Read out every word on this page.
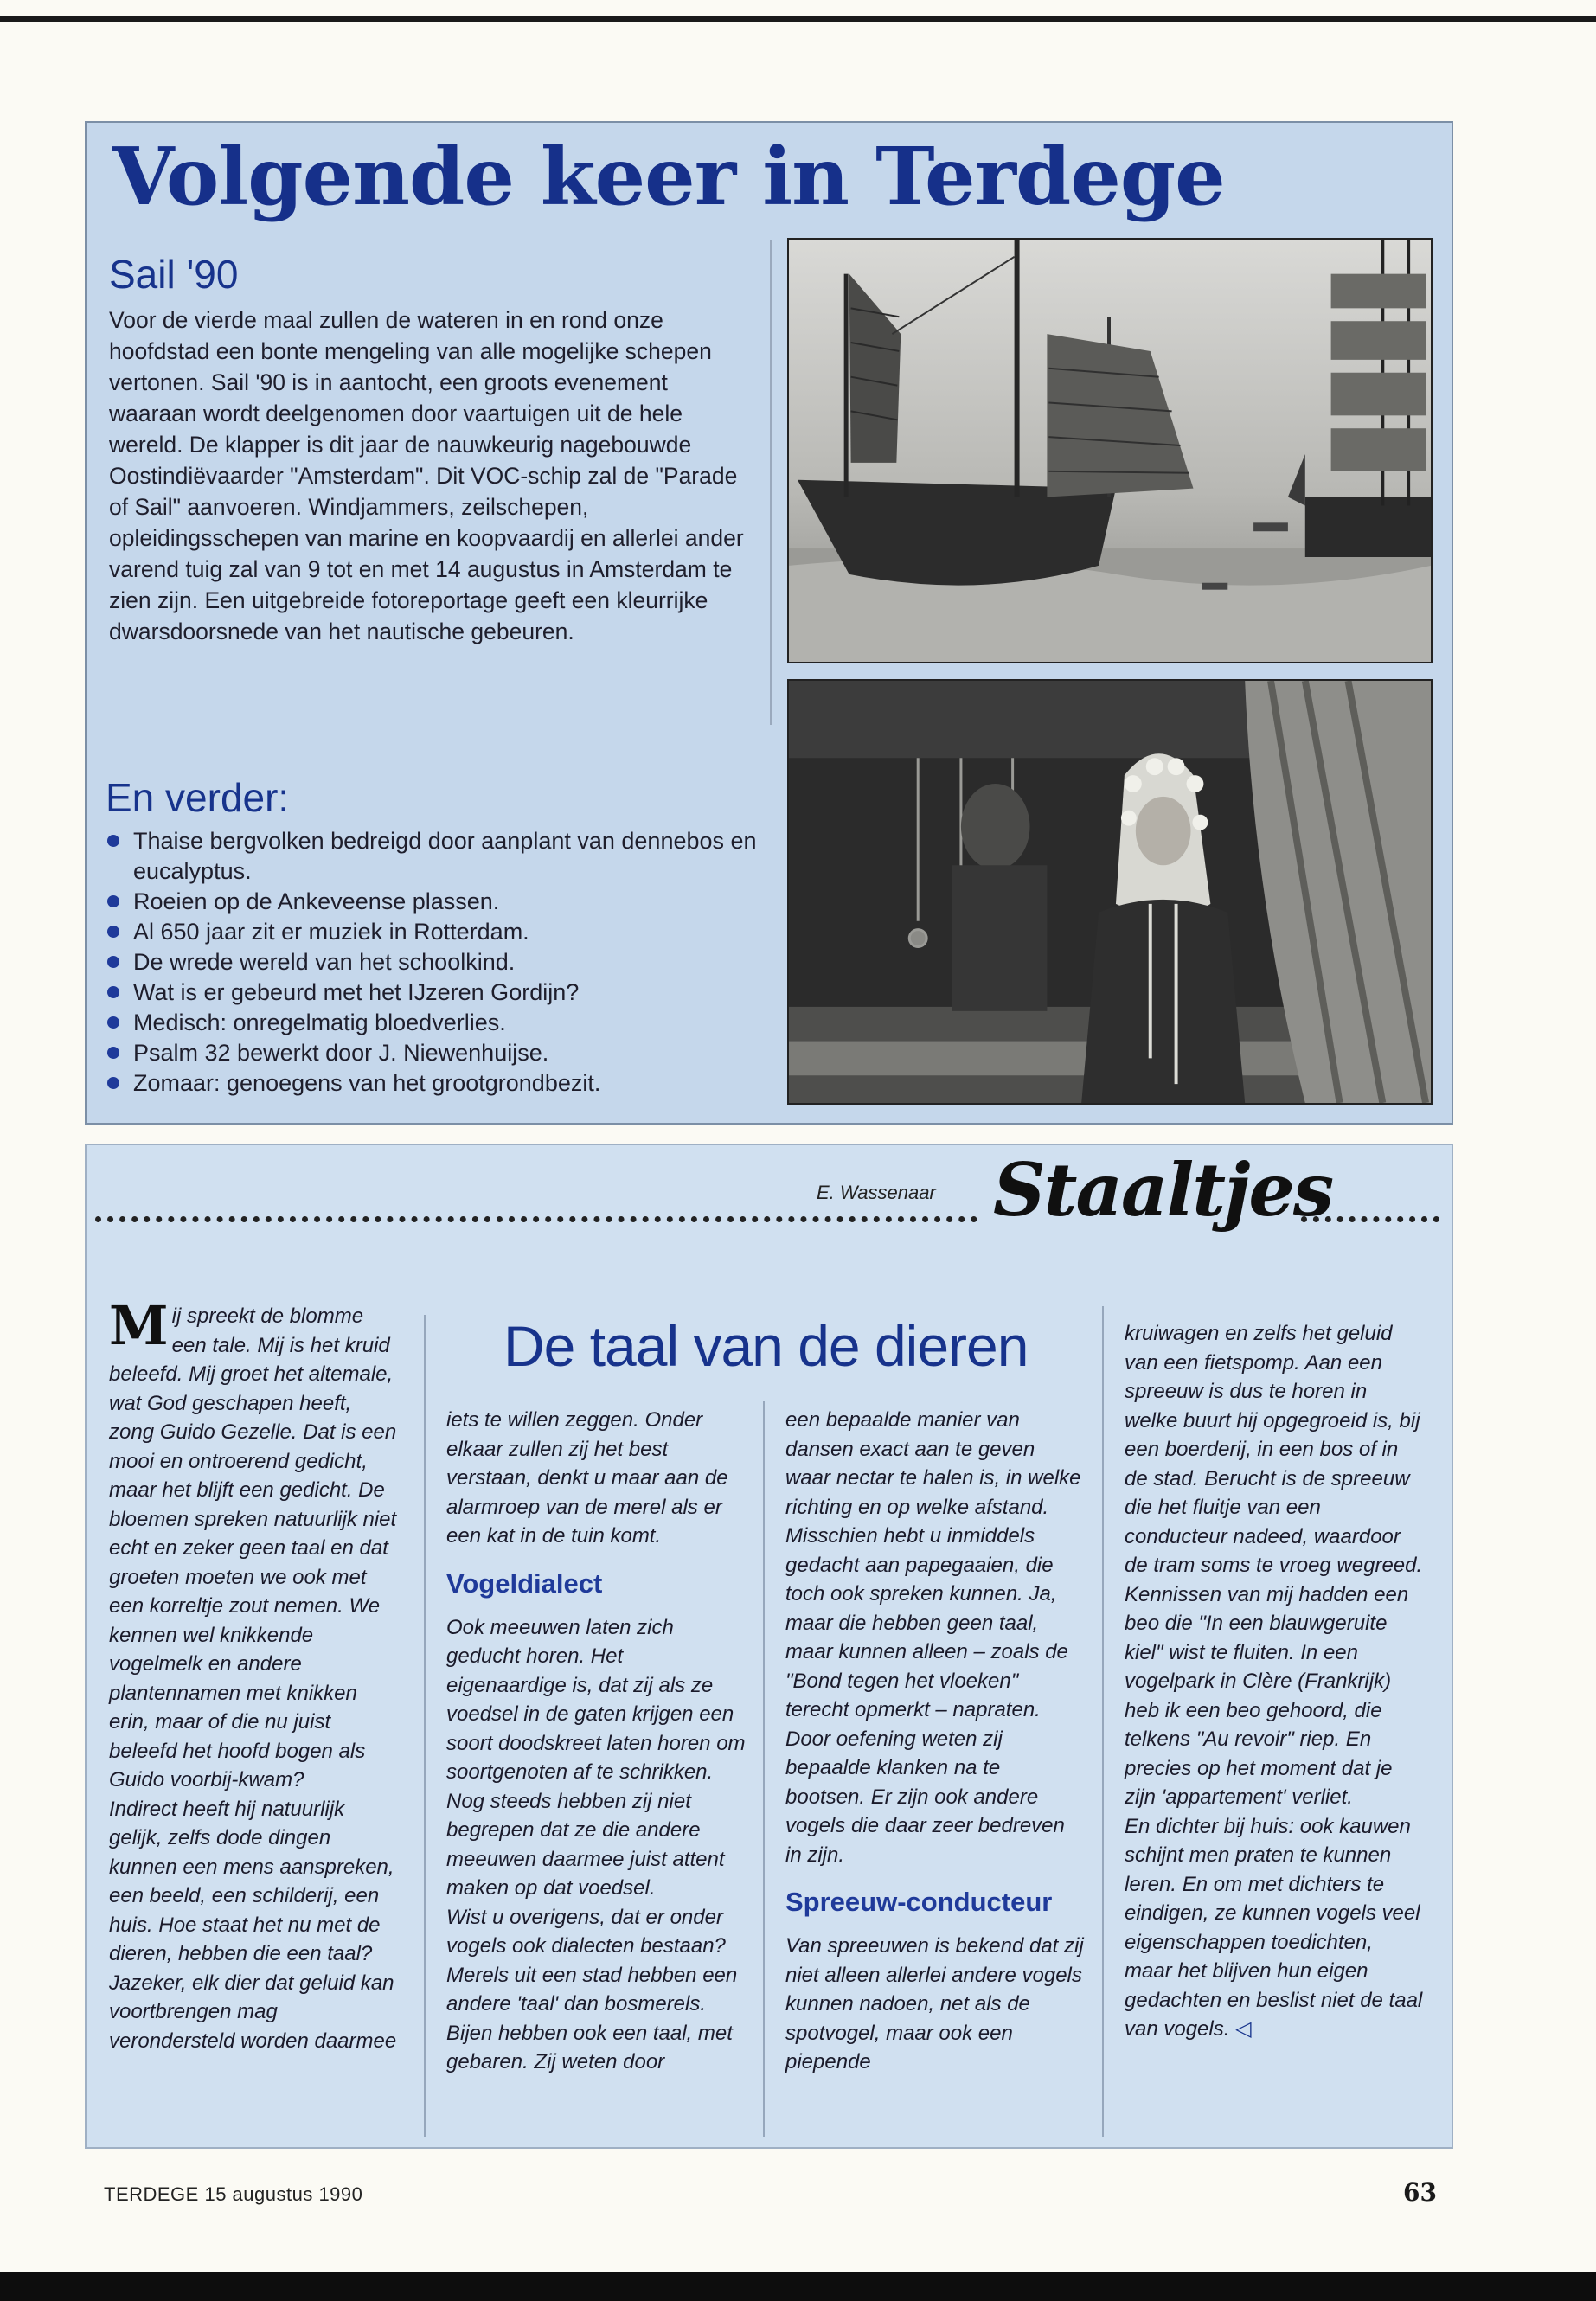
Volgende keer in Terdege
Sail '90

Voor de vierde maal zullen de wateren in en rond onze hoofdstad een bonte mengeling van alle mogelijke schepen vertonen. Sail '90 is in aantocht, een groots evenement waaraan wordt deelgenomen door vaartuigen uit de hele wereld. De klapper is dit jaar de nauwkeurig nagebouwde Oostindiëvaarder "Amsterdam". Dit VOC-schip zal de "Parade of Sail" aanvoeren. Windjammers, zeilschepen, opleidingsschepen van marine en koopvaardij en allerlei ander varend tuig zal van 9 tot en met 14 augustus in Amsterdam te zien zijn. Een uitgebreide fotoreportage geeft een kleurrijke dwarsdoorsnede van het nautische gebeuren.

En verder:
Thaise bergvolken bedreigd door aanplant van dennebos en eucalyptus.
Roeien op de Ankeveense plassen.
Al 650 jaar zit er muziek in Rotterdam.
De wrede wereld van het schoolkind.
Wat is er gebeurd met het IJzeren Gordijn?
Medisch: onregelmatig bloedverlies.
Psalm 32 bewerkt door J. Niewenhuijse.
Zomaar: genoegens van het grootgrondbezit.
E. Wassenaar Staaltjes
De taal van de dieren

Mij spreekt de blomme een tale. Mij is het kruid beleefd. Mij groet het altemale, wat God geschapen heeft, zong Guido Gezelle. Dat is een mooi en ontroerend gedicht, maar het blijft een gedicht. De bloemen spreken natuurlijk niet echt en zeker geen taal en dat groeten moeten we ook met een korreltje zout nemen. We kennen wel knikkende vogelmelk en andere plantennamen met knikken erin, maar of die nu juist beleefd het hoofd bogen als Guido voorbij-kwam?

Indirect heeft hij natuurlijk gelijk, zelfs dode dingen kunnen een mens aanspreken, een beeld, een schilderij, een huis. Hoe staat het nu met de dieren, hebben die een taal? Jazeker, elk dier dat geluid kan voortbrengen mag verondersteld worden daarmee

iets te willen zeggen. Onder elkaar zullen zij het best verstaan, denkt u maar aan de alarmroep van de merel als er een kat in de tuin komt.

Vogeldialect

Ook meeuwen laten zich geducht horen. Het eigenaardige is, dat zij als ze voedsel in de gaten krijgen een soort doodskreet laten horen om soortgenoten af te schrikken. Nog steeds hebben zij niet begrepen dat ze die andere meeuwen daarmee juist attent maken op dat voedsel.

Wist u overigens, dat er onder vogels ook dialecten bestaan? Merels uit een stad hebben een andere 'taal' dan bosmerels. Bijen hebben ook een taal, met gebaren. Zij weten door

een bepaalde manier van dansen exact aan te geven waar nectar te halen is, in welke richting en op welke afstand.

Misschien hebt u inmiddels gedacht aan papegaaien, die toch ook spreken kunnen. Ja, maar die hebben geen taal, maar kunnen alleen – zoals de "Bond tegen het vloeken" terecht opmerkt – napraten. Door oefening weten zij bepaalde klanken na te bootsen. Er zijn ook andere vogels die daar zeer bedreven in zijn.

Spreeuw-conducteur

Van spreeuwen is bekend dat zij niet alleen allerlei andere vogels kunnen nadoen, net als de spotvogel, maar ook een piepende

kruiwagen en zelfs het geluid van een fietspomp. Aan een spreeuw is dus te horen in welke buurt hij opgegroeid is, bij een boerderij, in een bos of in de stad. Berucht is de spreeuw die het fluitje van een conducteur nadeed, waardoor de tram soms te vroeg wegreed.

Kennissen van mij hadden een beo die "In een blauwgeruite kiel" wist te fluiten. In een vogelpark in Clère (Frankrijk) heb ik een beo gehoord, die telkens "Au revoir" riep. En precies op het moment dat je zijn 'appartement' verliet.

En dichter bij huis: ook kauwen schijnt men praten te kunnen leren. En om met dichters te eindigen, ze kunnen vogels veel eigenschappen toedichten, maar het blijven hun eigen gedachten en beslist niet de taal van vogels. ◁

TERDEGE 15 augustus 1990	63
